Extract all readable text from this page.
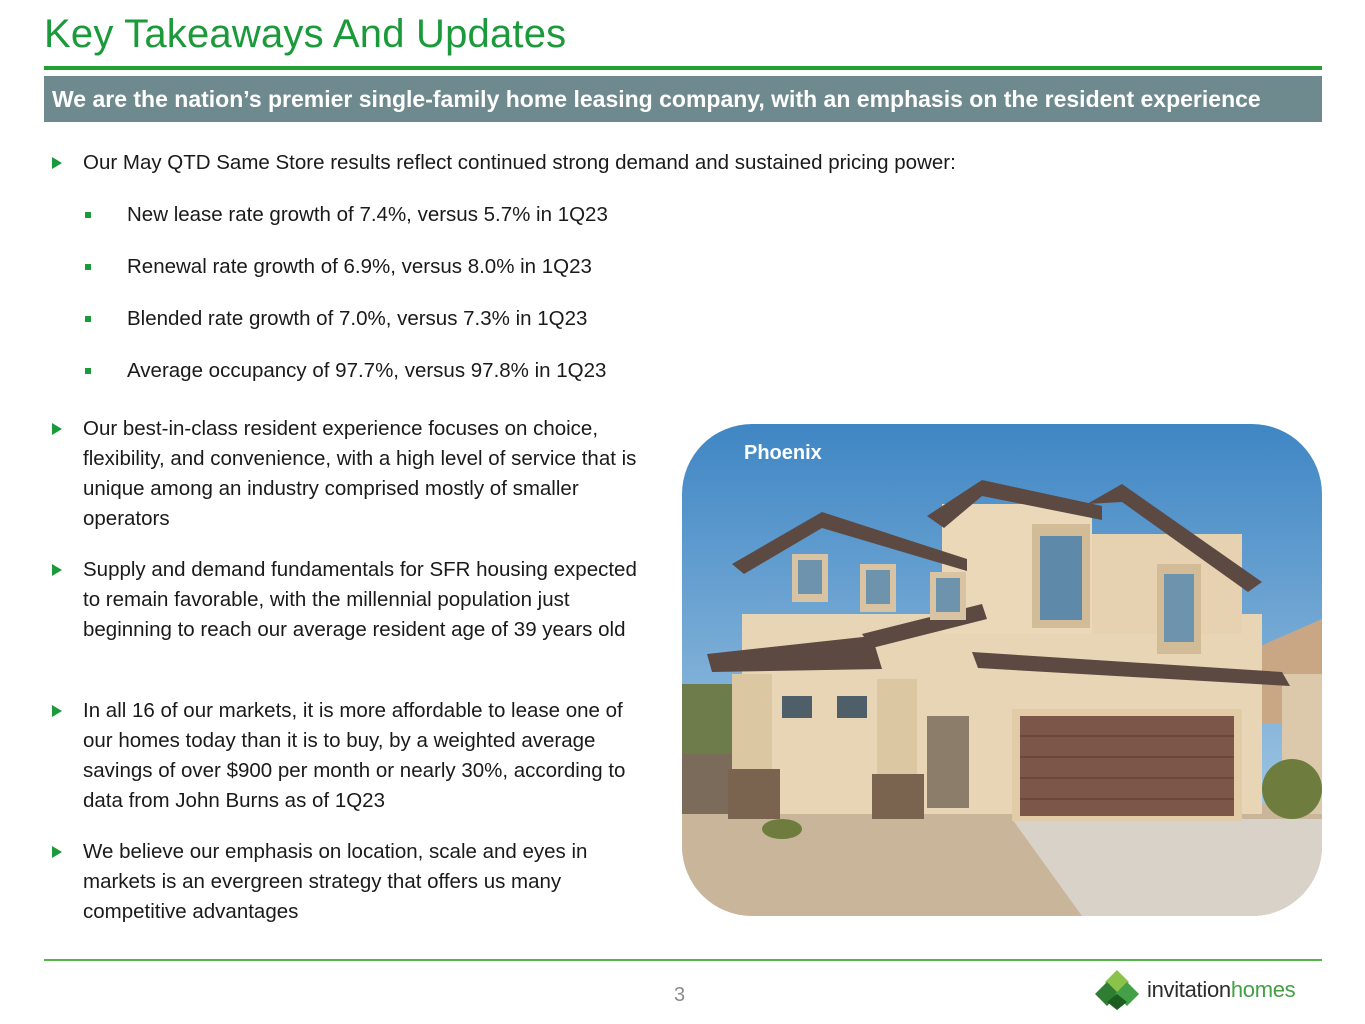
Key Takeaways And Updates
We are the nation’s premier single-family home leasing company, with an emphasis on the resident experience
Our May QTD Same Store results reflect continued strong demand and sustained pricing power:
New lease rate growth of 7.4%, versus 5.7% in 1Q23
Renewal rate growth of 6.9%, versus 8.0% in 1Q23
Blended rate growth of 7.0%, versus 7.3% in 1Q23
Average occupancy of 97.7%, versus 97.8% in 1Q23
Our best-in-class resident experience focuses on choice, flexibility, and convenience, with a high level of service that is unique among an industry comprised mostly of smaller operators
Supply and demand fundamentals for SFR housing expected to remain favorable, with the millennial population just beginning to reach our average resident age of 39 years old
In all 16 of our markets, it is more affordable to lease one of our homes today than it is to buy, by a weighted average savings of over $900 per month or nearly 30%, according to data from John Burns as of 1Q23
We believe our emphasis on location, scale and eyes in markets is an evergreen strategy that offers us many competitive advantages
Phoenix
3	invitation homes
